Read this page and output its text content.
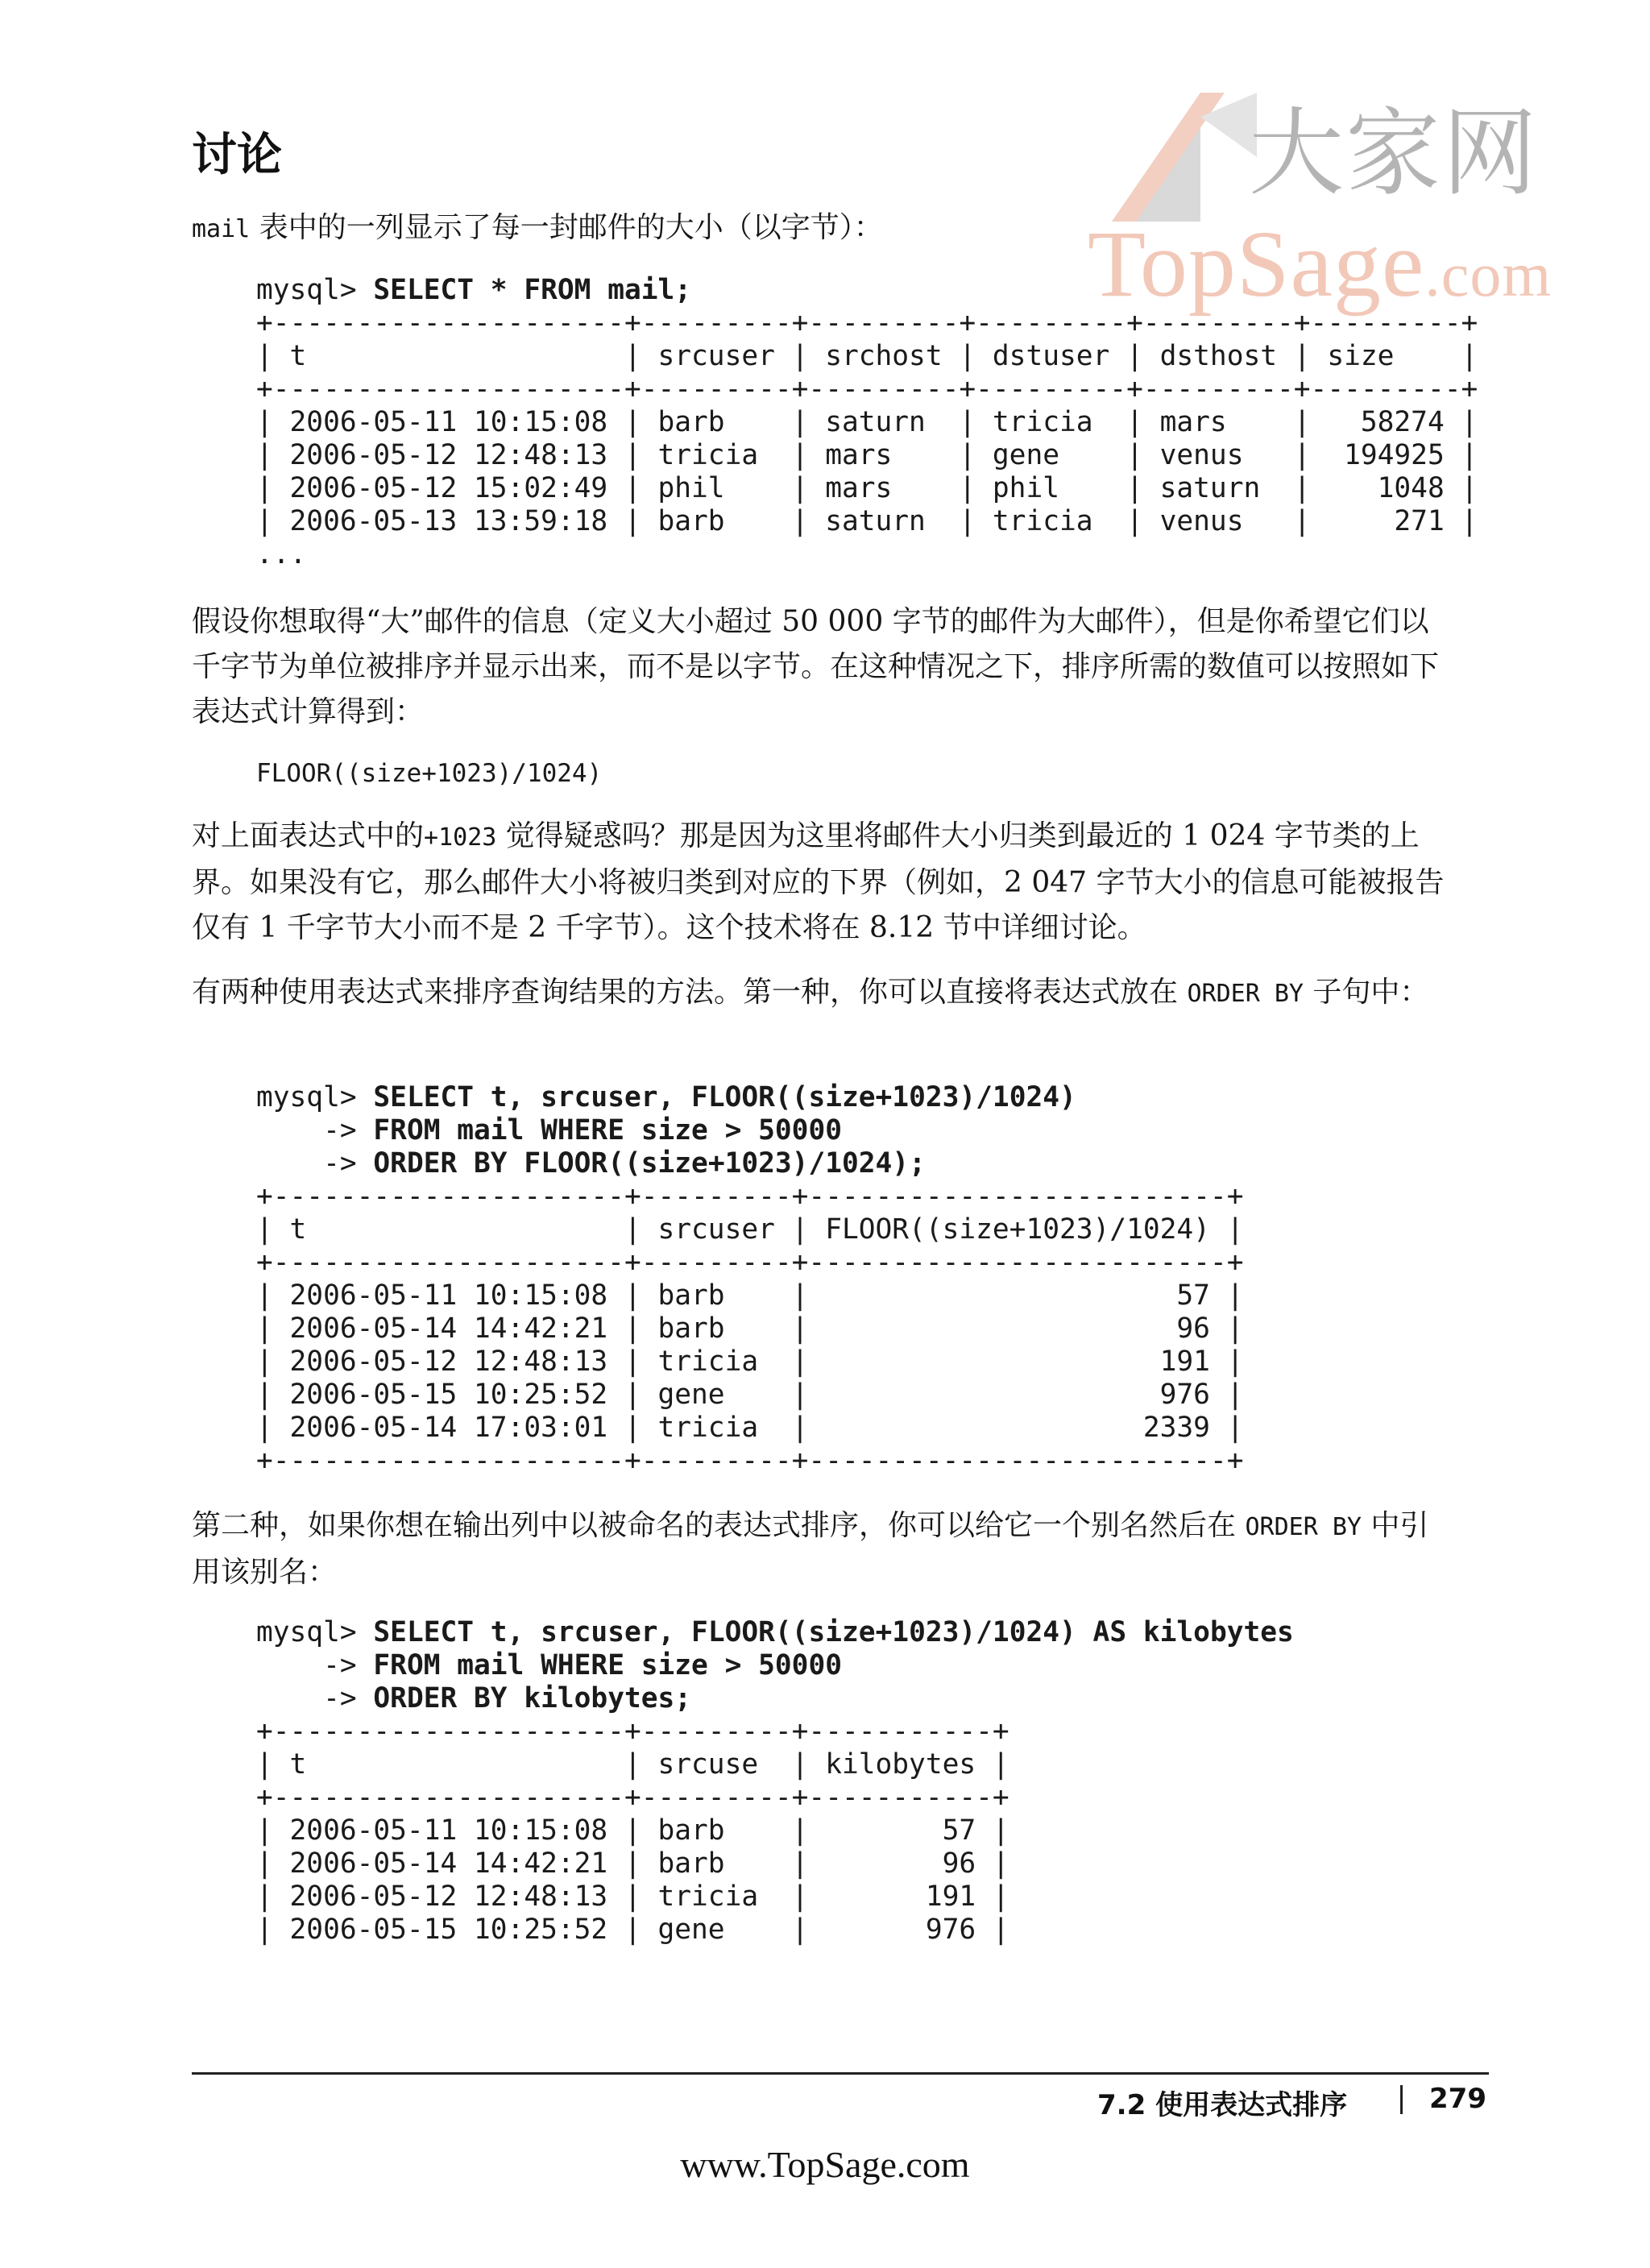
大家网
TopSage.com
讨论
mail 表中的一列显示了每一封邮件的大小（以字节）：
mysql> SELECT * FROM mail;
+---------------------+---------+---------+---------+---------+---------+
| t                   | srcuser | srchost | dstuser | dsthost | size    |
+---------------------+---------+---------+---------+---------+---------+
| 2006-05-11 10:15:08 | barb    | saturn  | tricia  | mars    |   58274 |
| 2006-05-12 12:48:13 | tricia  | mars    | gene    | venus   |  194925 |
| 2006-05-12 15:02:49 | phil    | mars    | phil    | saturn  |    1048 |
| 2006-05-13 13:59:18 | barb    | saturn  | tricia  | venus   |     271 |
...
假设你想取得“大”邮件的信息（定义大小超过 50 000 字节的邮件为大邮件），但是你希望它们以千字节为单位被排序并显示出来，而不是以字节。在这种情况之下，排序所需的数值可以按照如下表达式计算得到：
FLOOR((size+1023)/1024)
对上面表达式中的+1023 觉得疑惑吗？那是因为这里将邮件大小归类到最近的 1 024 字节类的上界。如果没有它，那么邮件大小将被归类到对应的下界（例如，2 047 字节大小的信息可能被报告仅有 1 千字节大小而不是 2 千字节）。这个技术将在 8.12 节中详细讨论。
有两种使用表达式来排序查询结果的方法。第一种，你可以直接将表达式放在 ORDER BY 子句中：
mysql> SELECT t, srcuser, FLOOR((size+1023)/1024)
-> FROM mail WHERE size > 50000
-> ORDER BY FLOOR((size+1023)/1024);
+---------------------+---------+-------------------------+
| t                   | srcuser | FLOOR((size+1023)/1024) |
+---------------------+---------+-------------------------+
| 2006-05-11 10:15:08 | barb    |                      57 |
| 2006-05-14 14:42:21 | barb    |                      96 |
| 2006-05-12 12:48:13 | tricia  |                     191 |
| 2006-05-15 10:25:52 | gene    |                     976 |
| 2006-05-14 17:03:01 | tricia  |                    2339 |
+---------------------+---------+-------------------------+
第二种，如果你想在输出列中以被命名的表达式排序，你可以给它一个别名然后在 ORDER BY 中引用该别名：
mysql> SELECT t, srcuser, FLOOR((size+1023)/1024) AS kilobytes
-> FROM mail WHERE size > 50000
-> ORDER BY kilobytes;
+---------------------+---------+-----------+
| t                   | srcuse  | kilobytes |
+---------------------+---------+-----------+
| 2006-05-11 10:15:08 | barb    |        57 |
| 2006-05-14 14:42:21 | barb    |        96 |
| 2006-05-12 12:48:13 | tricia  |       191 |
| 2006-05-15 10:25:52 | gene    |       976 |
7.2 使用表达式排序	279
www.TopSage.com
